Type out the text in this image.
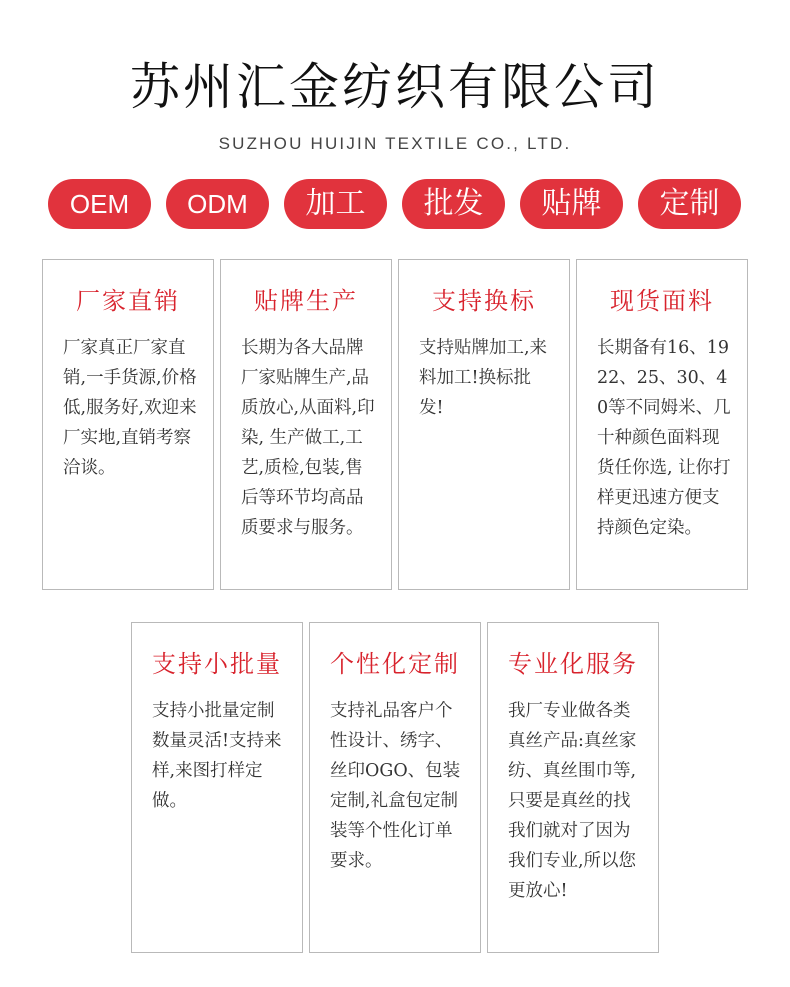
苏州汇金纺织有限公司
SUZHOU HUIJIN TEXTILE CO., LTD.
OEM	ODM	加工	批发	贴牌	定制
厂家直销
厂家真正厂家直销,一手货源,价格低,服务好,欢迎来厂实地,直销考察洽谈。
贴牌生产
长期为各大品牌厂家贴牌生产,品质放心,从面料,印染, 生产做工,工艺,质检,包装,售后等环节均高品质要求与服务。
支持换标
支持贴牌加工,来料加工!换标批发!
现货面料
长期备有16、19 22、25、30、40等不同姆米、几十种颜色面料现货任你选, 让你打样更迅速方便支持颜色定染。
支持小批量
支持小批量定制数量灵活!支持来样,来图打样定做。
个性化定制
支持礼品客户个性设计、绣字、丝印OGO、包装定制,礼盒包定制装等个性化订单要求。
专业化服务
我厂专业做各类真丝产品:真丝家纺、真丝围巾等,只要是真丝的找我们就对了因为我们专业,所以您更放心!
